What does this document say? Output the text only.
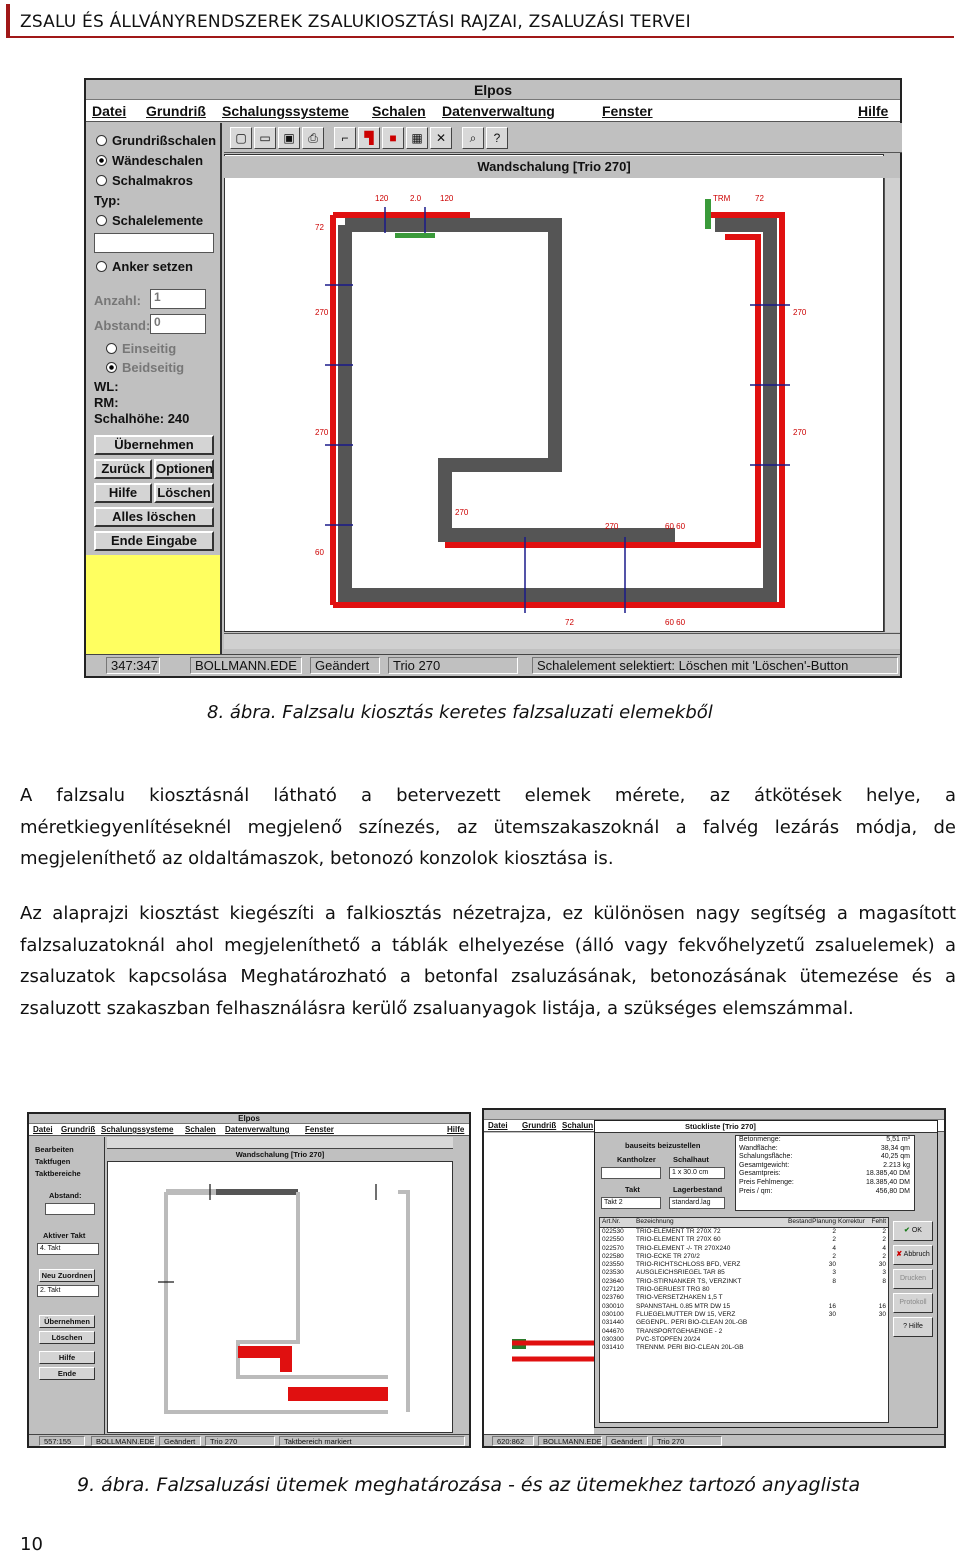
ZSALU ÉS ÁLLVÁNYRENDSZEREK ZSALUKIOSZTÁSI RAJZAI, ZSALUZÁSI TERVEI
Elpos
Datei Grundriß Schalungssysteme Schalen Datenverwaltung	Fenster	Hilfe
Grundrißschalen
Wändeschalen
Schalmakros
Typ:
Schalelemente
Anker setzen
Anzahl:	1
Abstand: 0
Einseitig
Beidseitig
WL:
RM:
Schalhöhe: 240
Übernehmen
Zurück Optionen
Hilfe	Löschen
Alles löschen
Ende Eingabe
▢	▭	▣	⎙	⌐	▜	■	▦	✕	⌕	?
120	2.0 120	TRM	72
72
270
270
60
270
270
270
270	60 60
72	60 60
Wandschalung [Trio 270]
347:347	BOLLMANN.EDE	Geändert	Trio 270	Schalelement selektiert: Löschen mit 'Löschen'-Button
8. ábra. Falzsalu kiosztás keretes falzsaluzati elemekből
A falzsalu kiosztásnál látható a betervezett elemek mérete, az átkötések helye, a méretkiegyenlítéseknél megjelenő színezés, az ütemszakaszoknál a falvég lezárás módja, de megjeleníthető az oldaltámaszok, betonozó konzolok kiosztása is.
Az alaprajzi kiosztást kiegészíti a falkiosztás nézetrajza, ez különösen nagy segítség a magasított falzsaluzatoknál ahol megjeleníthető a táblák elhelyezése (álló vagy fekvőhelyzetű zsaluelemek) a zsaluzatok kapcsolása Meghatározható a betonfal zsaluzásának, betonozásának ütemezése és a zsaluzott szakaszban felhasználásra kerülő zsaluanyagok listája, a szükséges elemszámmal.
Elpos
Datei Grundriß Schalungssysteme Schalen Datenverwaltung Fenster	Hilfe
Bearbeiten
Taktfugen
Taktbereiche
Abstand:
Aktiver Takt
4. Takt
Neu Zuordnen
2. Takt
Übernehmen
Löschen
Hilfe
Ende
Wandschalung [Trio 270]
557:155	BOLLMANN.EDE	Geändert	Trio 270	Taktbereich markiert
Datei Grundriß Schalun	Stückliste [Trio 270]
bauseits beizustellen
Kantholzer Schalhaut
1 x 30.0 cm
Takt	Lagerbestand
Takt 2	standard.lag
Betonmenge:	5,51 m³
Wandfläche:	38,34 qm
Schalungsfläche:	40,25 qm
Gesamtgewicht:	2.213 kg
Gesamtpreis:	18.385,40 DM
Preis Fehlmenge:	18.385,40 DM
Preis / qm:	456,80 DM
Art.Nr.	Bezeichnung	Bestand Planung Korrektur	Fehlt
022530	TRIO-ELEMENT TR 270X 72	2	2
022550	TRIO-ELEMENT TR 270X 60	2	2
022570	TRIO-ELEMENT -/- TR 270X240	4	4
022580	TRIO-ECKE TR 270/2	2	2
023550	TRIO-RICHTSCHLOSS BFD, VERZ	30	30
023530	AUSGLEICHSRIEGEL TAR 85	3	3
023640	TRIO-STIRNANKER TS, VERZINKT	8	8
027120	TRIO-GERUEST TRG 80
023760	TRIO-VERSETZHAKEN 1,5 T
030010	SPANNSTAHL 0.85 MTR DW 15	16	16
030100	FLUEGELMUTTER DW 15, VERZ	30	30
031440	GEGENPL. PERI BIO-CLEAN 20L-GB
044670	TRANSPORTGEHAENGE - 2
030300	PVC-STOPFEN 20/24
031410	TRENNM. PERI BIO-CLEAN 20L-GB
✔ OK
✘ Abbruch
Drucken
Protokoll
? Hilfe
620:862	BOLLMANN.EDE	Geändert	Trio 270
9. ábra. Falzsaluzási ütemek meghatározása - és az ütemekhez tartozó anyaglista
10
